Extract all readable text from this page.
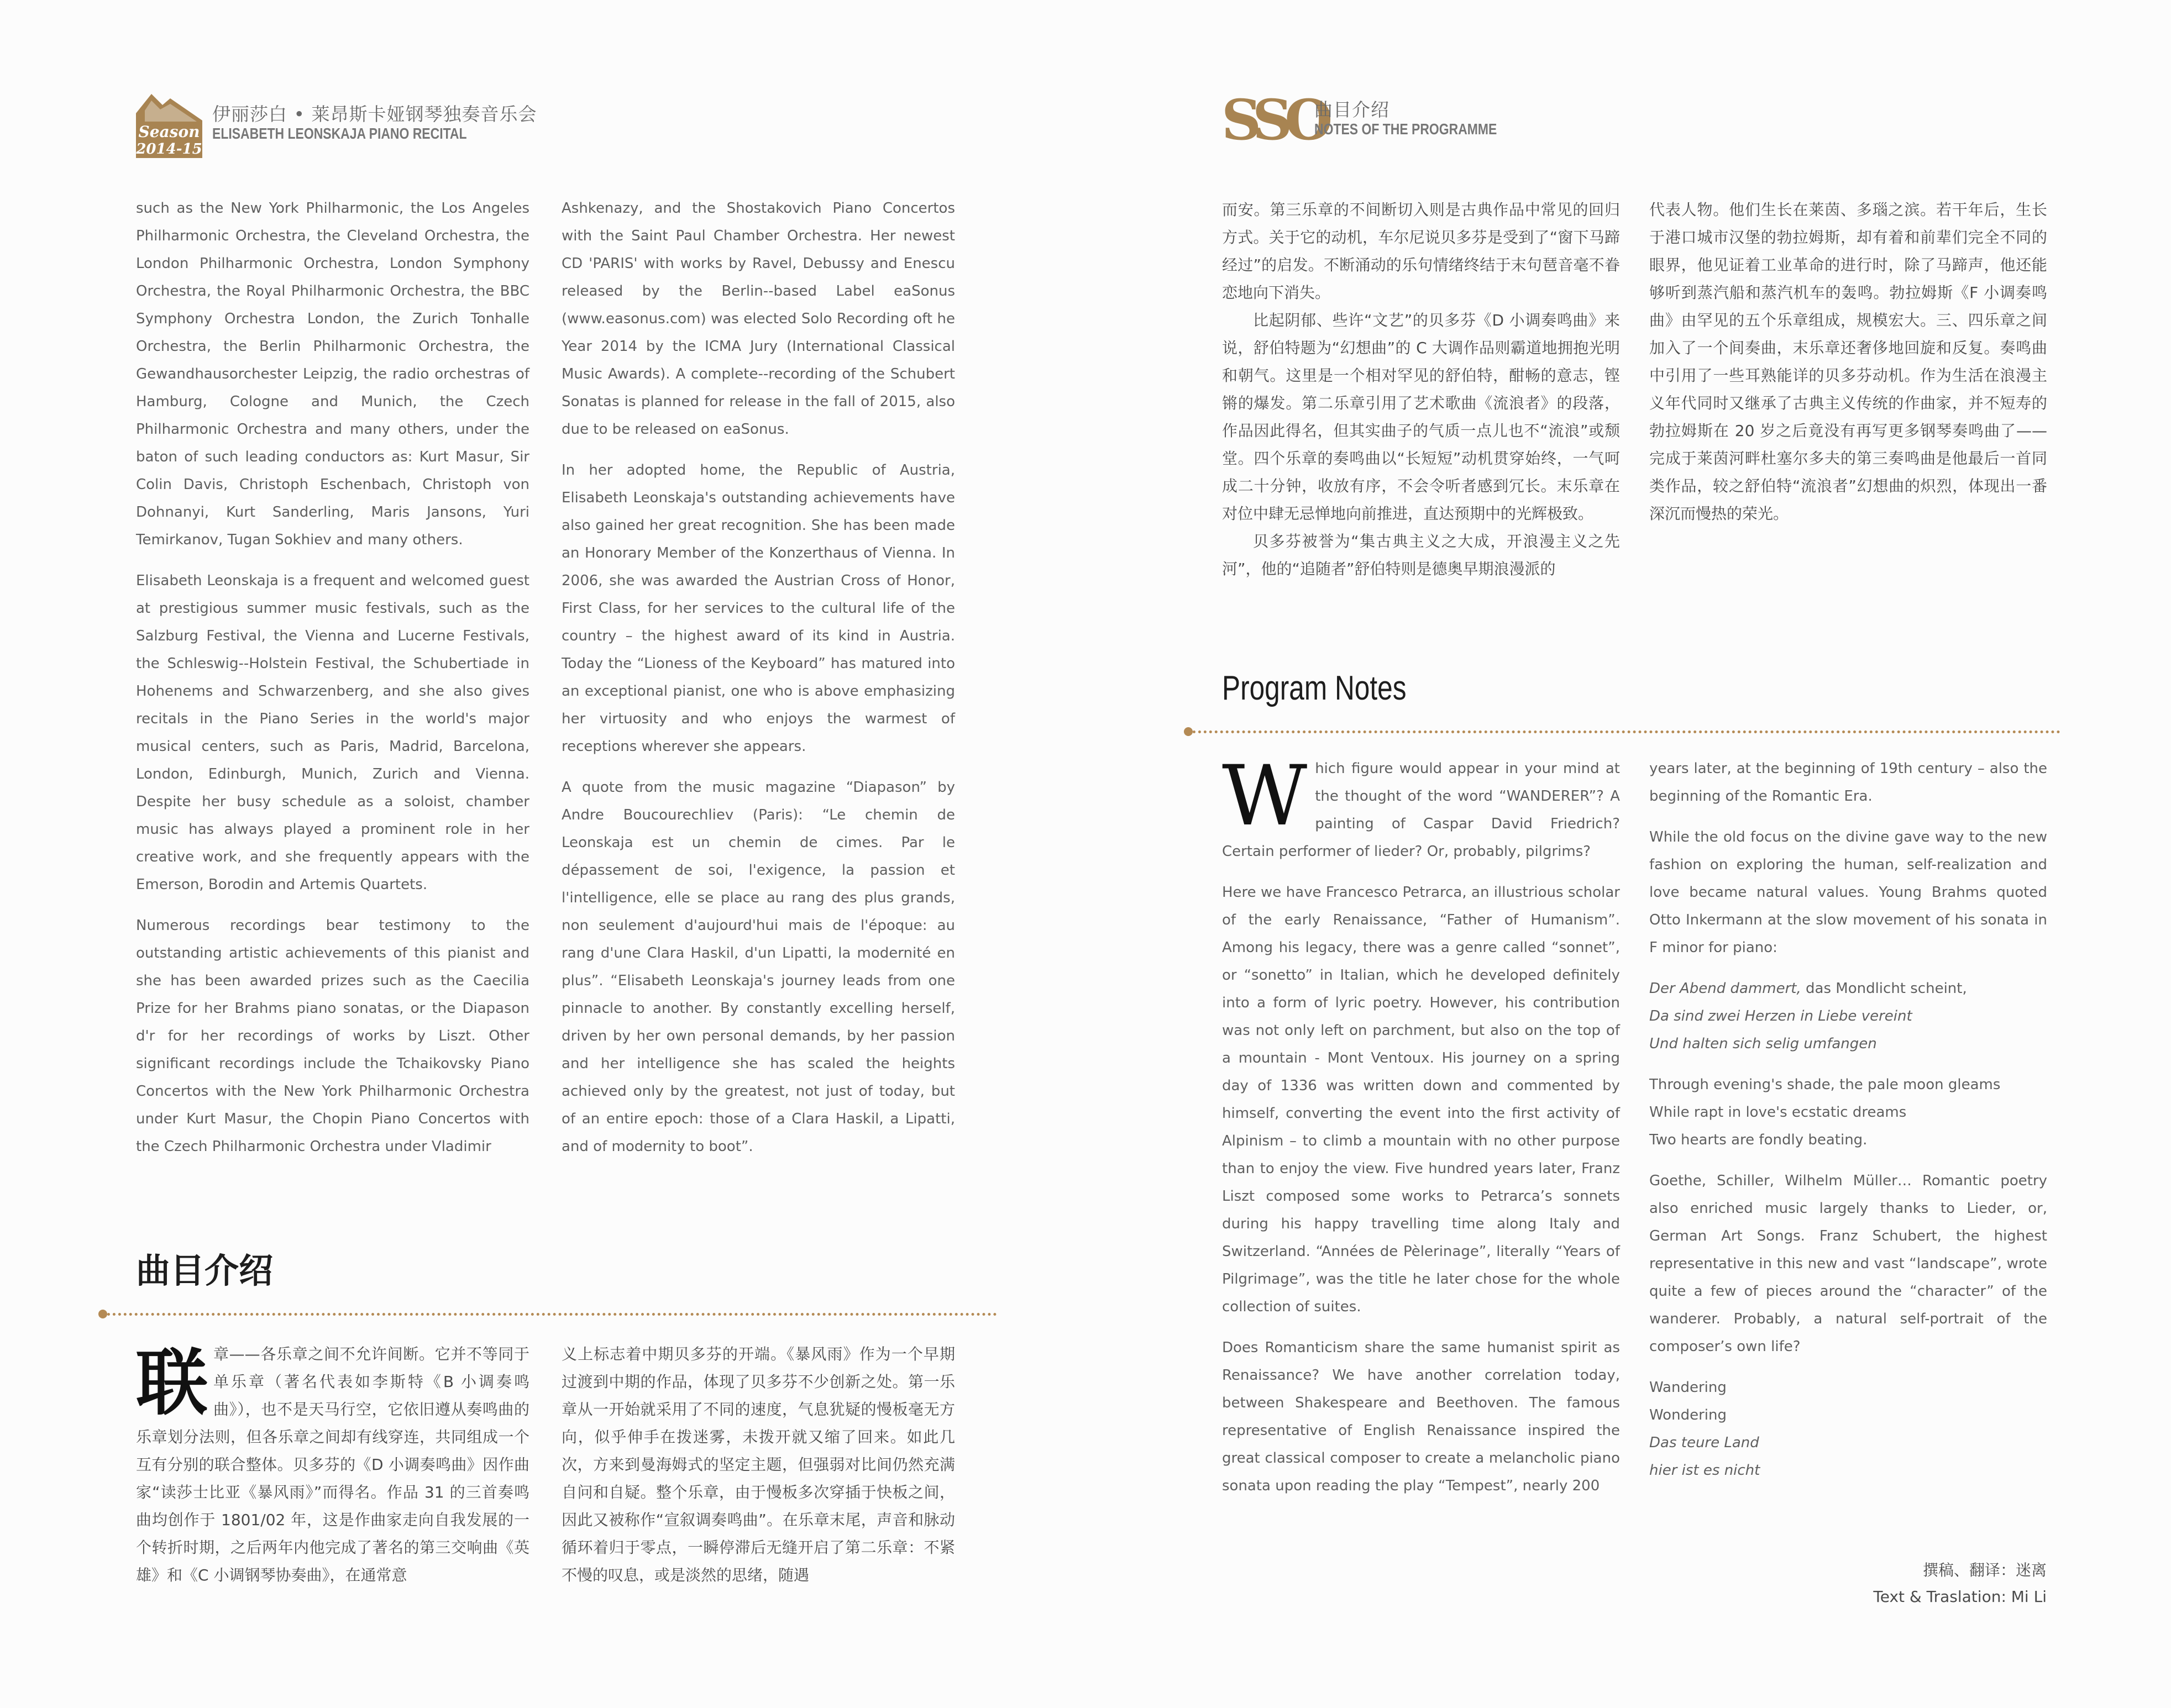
Season
2014-15
伊丽莎白 • 莱昂斯卡娅钢琴独奏音乐会
ELISABETH LEONSKAJA PIANO RECITAL

such as the New York Philharmonic, the Los Angeles Philharmonic Orchestra, the Cleveland Orchestra, the London Philharmonic Orchestra, London Symphony Orchestra, the Royal Philharmonic Orchestra, the BBC Symphony Orchestra London, the Zurich Tonhalle Orchestra, the Berlin Philharmonic Orchestra, the Gewandhausorchester Leipzig, the radio orchestras of Hamburg, Cologne and Munich, the Czech Philharmonic Orchestra and many others, under the baton of such leading conductors as: Kurt Masur, Sir Colin Davis, Christoph Eschenbach, Christoph von Dohnanyi, Kurt Sanderling, Maris Jansons, Yuri Temirkanov, Tugan Sokhiev and many others.

Elisabeth Leonskaja is a frequent and welcomed guest at prestigious summer music festivals, such as the Salzburg Festival, the Vienna and Lucerne Festivals, the Schleswig--Holstein Festival, the Schubertiade in Hohenems and Schwarzenberg, and she also gives recitals in the Piano Series in the world's major musical centers, such as Paris, Madrid, Barcelona, London, Edinburgh, Munich, Zurich and Vienna. Despite her busy schedule as a soloist, chamber music has always played a prominent role in her creative work, and she frequently appears with the Emerson, Borodin and Artemis Quartets.

Numerous recordings bear testimony to the outstanding artistic achievements of this pianist and she has been awarded prizes such as the Caecilia Prize for her Brahms piano sonatas, or the Diapason d'r for her recordings of works by Liszt. Other significant recordings include the Tchaikovsky Piano Concertos with the New York Philharmonic Orchestra under Kurt Masur, the Chopin Piano Concertos with the Czech Philharmonic Orchestra under Vladimir

Ashkenazy, and the Shostakovich Piano Concertos with the Saint Paul Chamber Orchestra. Her newest CD 'PARIS' with works by Ravel, Debussy and Enescu released by the Berlin--based Label eaSonus (www.easonus.com) was elected Solo Recording oft he Year 2014 by the ICMA Jury (International Classical Music Awards). A complete--recording of the Schubert Sonatas is planned for release in the fall of 2015, also due to be released on eaSonus.

In her adopted home, the Republic of Austria, Elisabeth Leonskaja's outstanding achievements have also gained her great recognition. She has been made an Honorary Member of the Konzerthaus of Vienna. In 2006, she was awarded the Austrian Cross of Honor, First Class, for her services to the cultural life of the country – the highest award of its kind in Austria. Today the “Lioness of the Keyboard” has matured into an exceptional pianist, one who is above emphasizing her virtuosity and who enjoys the warmest of receptions wherever she appears.

A quote from the music magazine “Diapason” by Andre Boucourechliev (Paris): “Le chemin de Leonskaja est un chemin de cimes. Par le dépassement de soi, l'exigence, la passion et l'intelligence, elle se place au rang des plus grands, non seulement d'aujourd'hui mais de l'époque: au rang d'une Clara Haskil, d'un Lipatti, la modernité en plus”. “Elisabeth Leonskaja's journey leads from one pinnacle to another. By constantly excelling herself, driven by her own personal demands, by her passion and her intelligence she has scaled the heights achieved only by the greatest, not just of today, but of an entire epoch: those of a Clara Haskil, a Lipatti, and of modernity to boot”.

曲目介绍

联章——各乐章之间不允许间断。它并不等同于单乐章（著名代表如李斯特《B 小调奏鸣曲》），也不是天马行空，它依旧遵从奏鸣曲的乐章划分法则，但各乐章之间却有线穿连，共同组成一个互有分别的联合整体。贝多芬的《D 小调奏鸣曲》因作曲家“读莎士比亚《暴风雨》”而得名。作品 31 的三首奏鸣曲均创作于 1801/02 年，这是作曲家走向自我发展的一个转折时期，之后两年内他完成了著名的第三交响曲《英雄》和《C 小调钢琴协奏曲》，在通常意

义上标志着中期贝多芬的开端。《暴风雨》作为一个早期过渡到中期的作品，体现了贝多芬不少创新之处。第一乐章从一开始就采用了不同的速度，气息犹疑的慢板毫无方向，似乎伸手在拨迷雾，未拨开就又缩了回来。如此几次，方来到曼海姆式的坚定主题，但强弱对比间仍然充满自问和自疑。整个乐章，由于慢板多次穿插于快板之间，因此又被称作“宣叙调奏鸣曲”。在乐章末尾，声音和脉动循环着归于零点，一瞬停滞后无缝开启了第二乐章：不紧不慢的叹息，或是淡然的思绪，随遇

SSO
曲目介绍
NOTES OF THE PROGRAMME

而安。第三乐章的不间断切入则是古典作品中常见的回归方式。关于它的动机，车尔尼说贝多芬是受到了“窗下马蹄经过”的启发。不断涌动的乐句情绪终结于末句琶音毫不眷恋地向下消失。

比起阴郁、些许“文艺”的贝多芬《D 小调奏鸣曲》来说，舒伯特题为“幻想曲”的 C 大调作品则霸道地拥抱光明和朝气。这里是一个相对罕见的舒伯特，酣畅的意志，铿锵的爆发。第二乐章引用了艺术歌曲《流浪者》的段落，作品因此得名，但其实曲子的气质一点儿也不“流浪”或颓堂。四个乐章的奏鸣曲以“长短短”动机贯穿始终，一气呵成二十分钟，收放有序，不会令听者感到冗长。末乐章在对位中肆无忌惮地向前推进，直达预期中的光辉极致。

贝多芬被誉为“集古典主义之大成，开浪漫主义之先河”，他的“追随者”舒伯特则是德奥早期浪漫派的

代表人物。他们生长在莱茵、多瑙之滨。若干年后，生长于港口城市汉堡的勃拉姆斯，却有着和前辈们完全不同的眼界，他见证着工业革命的进行时，除了马蹄声，他还能够听到蒸汽船和蒸汽机车的轰鸣。勃拉姆斯《F 小调奏鸣曲》由罕见的五个乐章组成，规模宏大。三、四乐章之间加入了一个间奏曲，末乐章还奢侈地回旋和反复。奏鸣曲中引用了一些耳熟能详的贝多芬动机。作为生活在浪漫主义年代同时又继承了古典主义传统的作曲家，并不短寿的勃拉姆斯在 20 岁之后竟没有再写更多钢琴奏鸣曲了——完成于莱茵河畔杜塞尔多夫的第三奏鸣曲是他最后一首同类作品，较之舒伯特“流浪者”幻想曲的炽烈，体现出一番深沉而慢热的荣光。

Program Notes

Which figure would appear in your mind at the thought of the word “WANDERER”? A painting of Caspar David Friedrich? Certain performer of lieder? Or, probably, pilgrims?

Here we have Francesco Petrarca, an illustrious scholar of the early Renaissance, “Father of Humanism”. Among his legacy, there was a genre called “sonnet”, or “sonetto” in Italian, which he developed definitely into a form of lyric poetry. However, his contribution was not only left on parchment, but also on the top of a mountain - Mont Ventoux. His journey on a spring day of 1336 was written down and commented by himself, converting the event into the first activity of Alpinism – to climb a mountain with no other purpose than to enjoy the view. Five hundred years later, Franz Liszt composed some works to Petrarca’s sonnets during his happy travelling time along Italy and Switzerland. “Années de Pèlerinage”, literally “Years of Pilgrimage”, was the title he later chose for the whole collection of suites.

Does Romanticism share the same humanist spirit as Renaissance? We have another correlation today, between Shakespeare and Beethoven. The famous representative of English Renaissance inspired the great classical composer to create a melancholic piano sonata upon reading the play “Tempest”, nearly 200

years later, at the beginning of 19th century – also the beginning of the Romantic Era.

While the old focus on the divine gave way to the new fashion on exploring the human, self-realization and love became natural values. Young Brahms quoted Otto Inkermann at the slow movement of his sonata in F minor for piano:

Der Abend dammert, das Mondlicht scheint,
Da sind zwei Herzen in Liebe vereint
Und halten sich selig umfangen

Through evening's shade, the pale moon gleams
While rapt in love's ecstatic dreams
Two hearts are fondly beating.

Goethe, Schiller, Wilhelm Müller… Romantic poetry also enriched music largely thanks to Lieder, or, German Art Songs. Franz Schubert, the highest representative in this new and vast “landscape”, wrote quite a few of pieces around the “character” of the wanderer. Probably, a natural self-portrait of the composer’s own life?

Wandering
Wondering
Das teure Land
hier ist es nicht

撰稿、翻译：迷离
Text & Traslation: Mi Li
